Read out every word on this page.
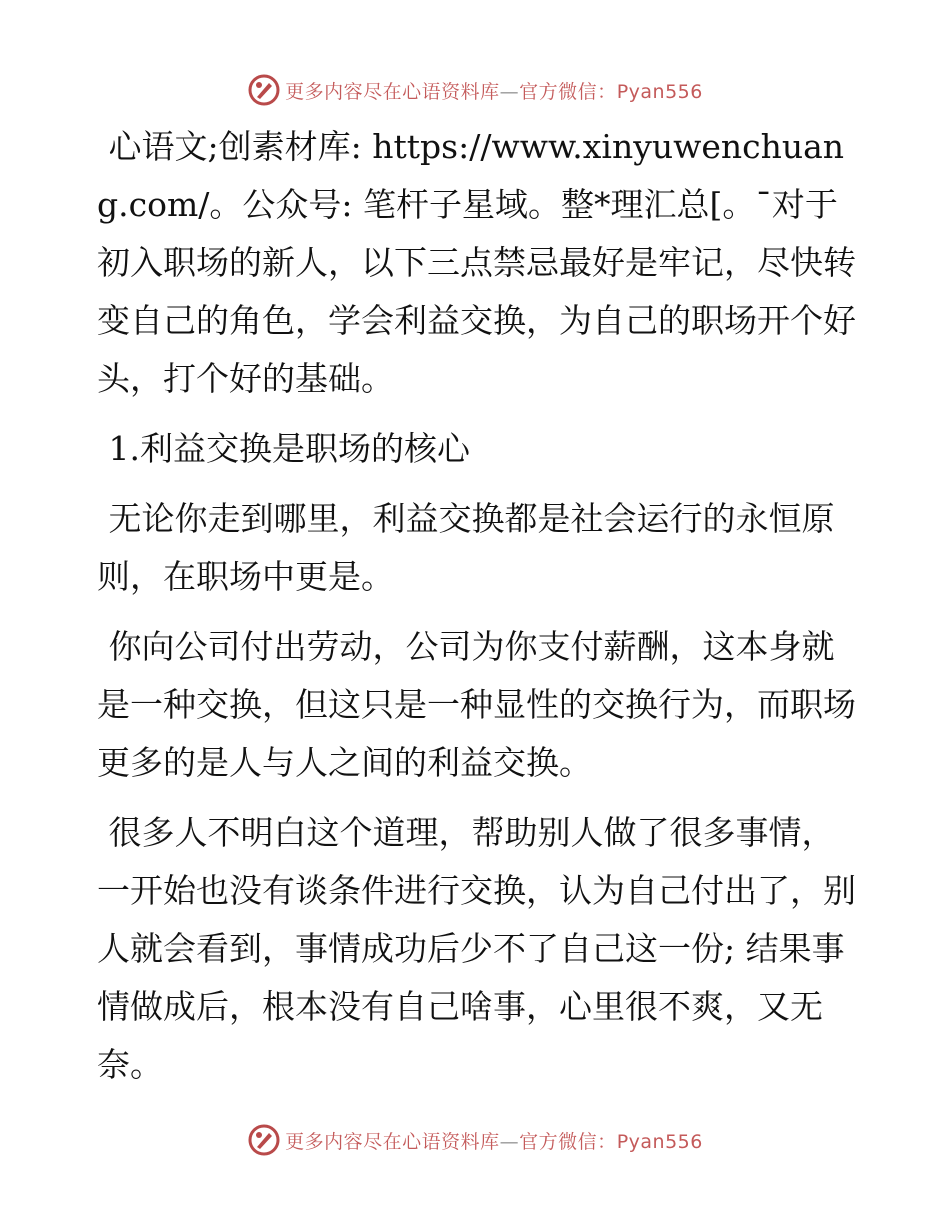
更多内容尽在心语资料库—官方微信：Pyan556

心语文;创素材库: https://www.xinyuwenchuang.com/。公众号: 笔杆子星域。整*理汇总[。¯对于初入职场的新人，以下三点禁忌最好是牢记，尽快转变自己的角色，学会利益交换，为自己的职场开个好头，打个好的基础。

1.利益交换是职场的核心

无论你走到哪里，利益交换都是社会运行的永恒原则，在职场中更是。

你向公司付出劳动，公司为你支付薪酬，这本身就是一种交换，但这只是一种显性的交换行为，而职场更多的是人与人之间的利益交换。

很多人不明白这个道理，帮助别人做了很多事情，一开始也没有谈条件进行交换，认为自己付出了，别人就会看到，事情成功后少不了自己这一份; 结果事情做成后，根本没有自己啥事，心里很不爽，又无奈。

更多内容尽在心语资料库—官方微信：Pyan556
